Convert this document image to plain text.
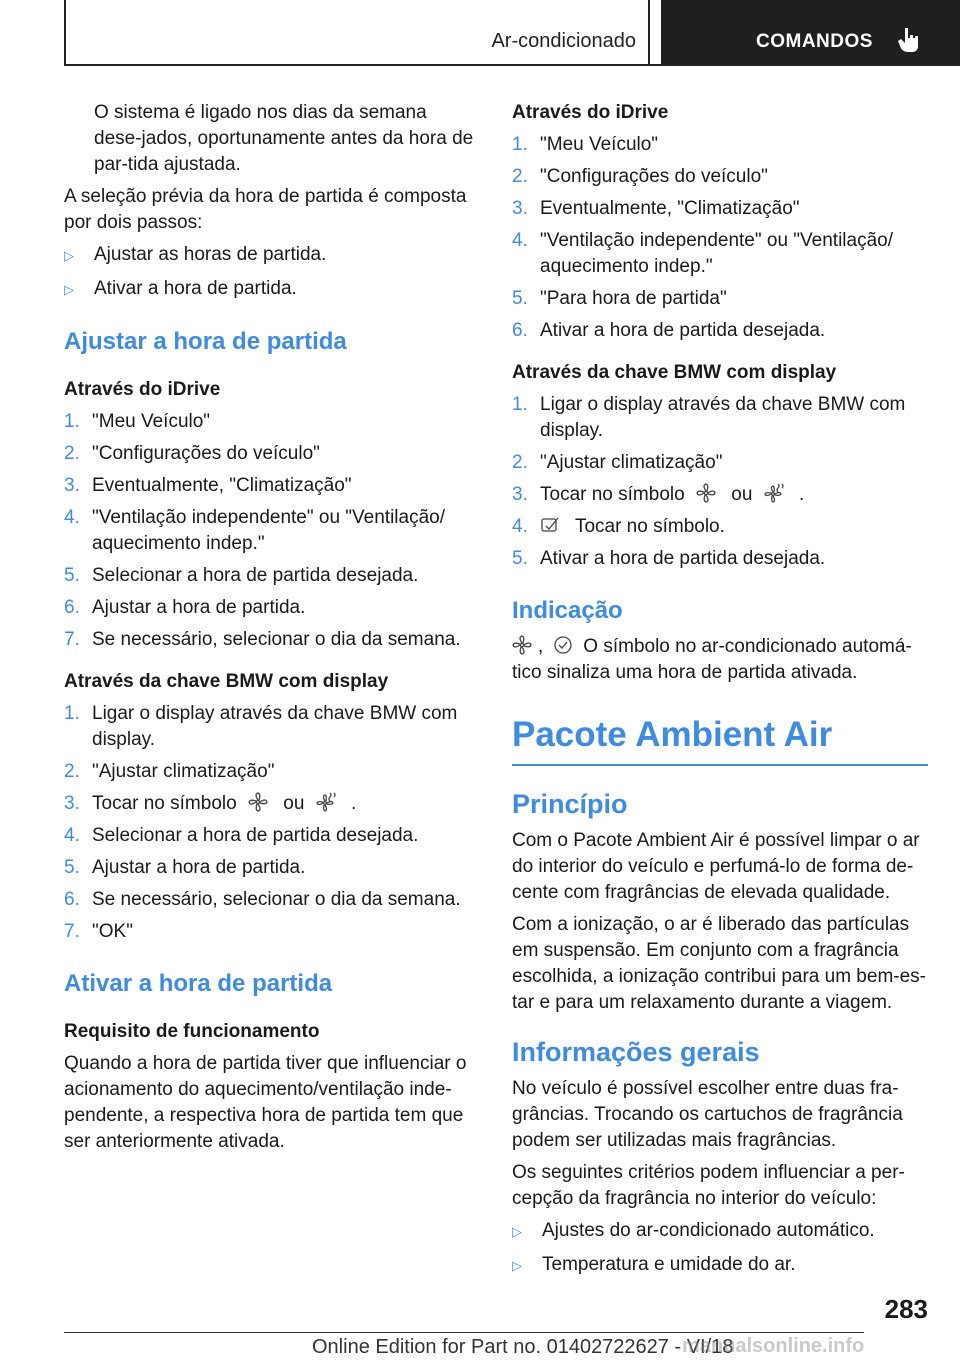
Ar-condicionado	COMANDOS

O sistema é ligado nos dias da semana dese-jados, oportunamente antes da hora de par-tida ajustada.

A seleção prévia da hora de partida é composta por dois passos:

▷	Ajustar as horas de partida.
▷	Ativar a hora de partida.
Ajustar a hora de partida
Através do iDrive
1. "Meu Veículo"
2. "Configurações do veículo"
3. Eventualmente, "Climatização"
4. "Ventilação independente" ou "Ventilação/ aquecimento indep."
5. Selecionar a hora de partida desejada.
6. Ajustar a hora de partida.
7. Se necessário, selecionar o dia da semana.
Através da chave BMW com display
1. Ligar o display através da chave BMW com display.
2. "Ajustar climatização"
3. Tocar no símbolo ou .
4. Selecionar a hora de partida desejada.
5. Ajustar a hora de partida.
6. Se necessário, selecionar o dia da semana.
7. "OK"
Ativar a hora de partida
Requisito de funcionamento

Quando a hora de partida tiver que influenciar o acionamento do aquecimento/ventilação inde-pendente, a respectiva hora de partida tem que ser anteriormente ativada.

Através do iDrive
1. "Meu Veículo"
2. "Configurações do veículo"
3. Eventualmente, "Climatização"
4. "Ventilação independente" ou "Ventilação/ aquecimento indep."
5. "Para hora de partida"
6. Ativar a hora de partida desejada.
Através da chave BMW com display
1. Ligar o display através da chave BMW com display.
2. "Ajustar climatização"
3. Tocar no símbolo ou .
4.	Tocar no símbolo.
5. Ativar a hora de partida desejada.
Indicação

, O símbolo no ar-condicionado automá-tico sinaliza uma hora de partida ativada.

Pacote Ambient Air
Princípio

Com o Pacote Ambient Air é possível limpar o ar do interior do veículo e perfumá-lo de forma de-cente com fragrâncias de elevada qualidade.

Com a ionização, o ar é liberado das partículas em suspensão. Em conjunto com a fragrância escolhida, a ionização contribui para um bem-es-tar e para um relaxamento durante a viagem.

Informações gerais

No veículo é possível escolher entre duas fra-grâncias. Trocando os cartuchos de fragrância podem ser utilizadas mais fragrâncias.

Os seguintes critérios podem influenciar a per-cepção da fragrância no interior do veículo:

▷	Ajustes do ar-condicionado automático.
▷	Temperatura e umidade do ar.
283
Online Edition for Part no. 01402722627 - VI/18
manualsonline.info
